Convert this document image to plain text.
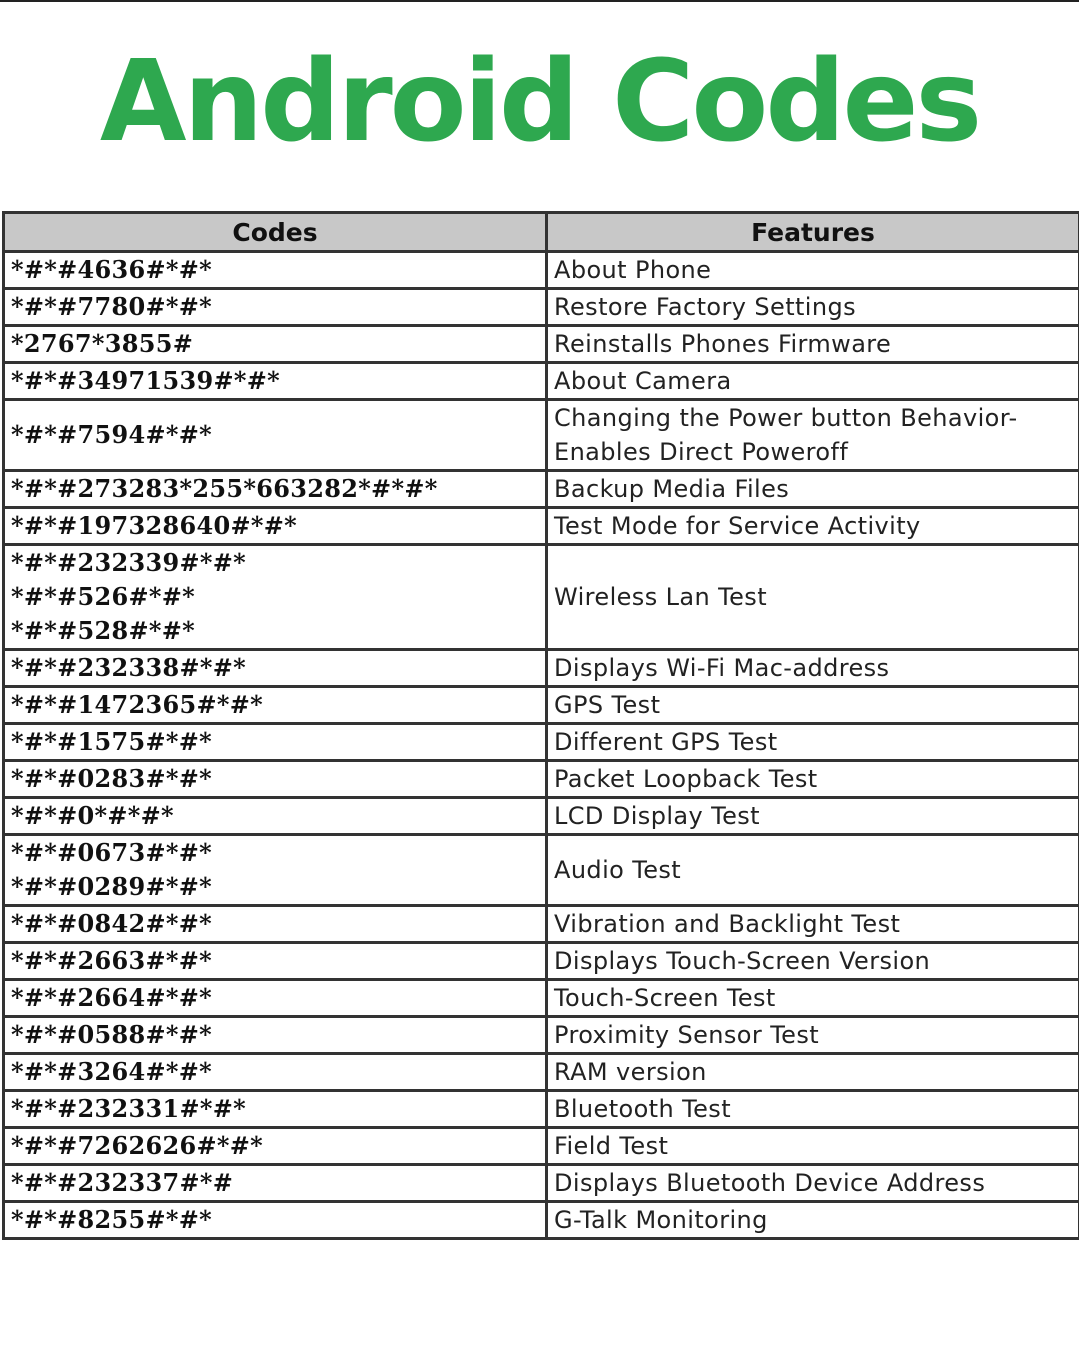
Android Codes
Codes	Features

*#*#4636#*#*	About Phone

*#*#7780#*#*	Restore Factory Settings

*2767*3855#	Reinstalls Phones Firmware

*#*#34971539#*#*	About Camera

*#*#7594#*#*	Changing the Power button Behavior-
Enables Direct Poweroff

*#*#273283*255*663282*#*#*	Backup Media Files

*#*#197328640#*#*	Test Mode for Service Activity

*#*#232339#*#*
*#*#526#*#*
*#*#528#*#*	Wireless Lan Test

*#*#232338#*#*	Displays Wi-Fi Mac-address

*#*#1472365#*#*	GPS Test

*#*#1575#*#*	Different GPS Test

*#*#0283#*#*	Packet Loopback Test

*#*#0*#*#*	LCD Display Test

*#*#0673#*#*
*#*#0289#*#*	Audio Test

*#*#0842#*#*	Vibration and Backlight Test

*#*#2663#*#*	Displays Touch-Screen Version

*#*#2664#*#*	Touch-Screen Test

*#*#0588#*#*	Proximity Sensor Test

*#*#3264#*#*	RAM version

*#*#232331#*#*	Bluetooth Test

*#*#7262626#*#*	Field Test

*#*#232337#*#	Displays Bluetooth Device Address

*#*#8255#*#*	G-Talk Monitoring
